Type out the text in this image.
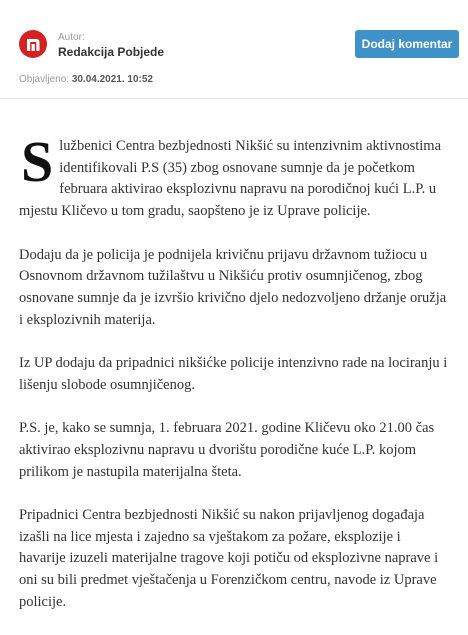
Autor:
Redakcija Pobjede
Dodaj komentar
Objavljeno: 30.04.2021. 10:52

Službenici Centra bezbjednosti Nikšić su intenzivnim aktivnostima identifikovali P.S (35) zbog osnovane sumnje da je početkom februara aktivirao eksplozivnu napravu na porodičnoj kući L.P. u mjestu Kličevo u tom gradu, saopšteno je iz Uprave policije.

Dodaju da je policija je podnijela krivičnu prijavu državnom tužiocu u Osnovnom državnom tužilaštvu u Nikšiću protiv osumnjičenog, zbog osnovane sumnje da je izvršio krivično djelo nedozvoljeno držanje oružja i eksplozivnih materija.

Iz UP dodaju da pripadnici nikšićke policije intenzivno rade na lociranju i lišenju slobode osumnjičenog.

P.S. je, kako se sumnja, 1. februara 2021. godine Kličevu oko 21.00 čas aktivirao eksplozivnu napravu u dvorištu porodične kuće L.P. kojom prilikom je nastupila materijalna šteta.

Pripadnici Centra bezbjednosti Nikšić su nakon prijavljenog događaja izašli na lice mjesta i zajedno sa vještakom za požare, eksplozije i havarije izuzeli materijalne tragove koji potiču od eksplozivne naprave i oni su bili predmet vještačenja u Forenzičkom centru, navode iz Uprave policije.
